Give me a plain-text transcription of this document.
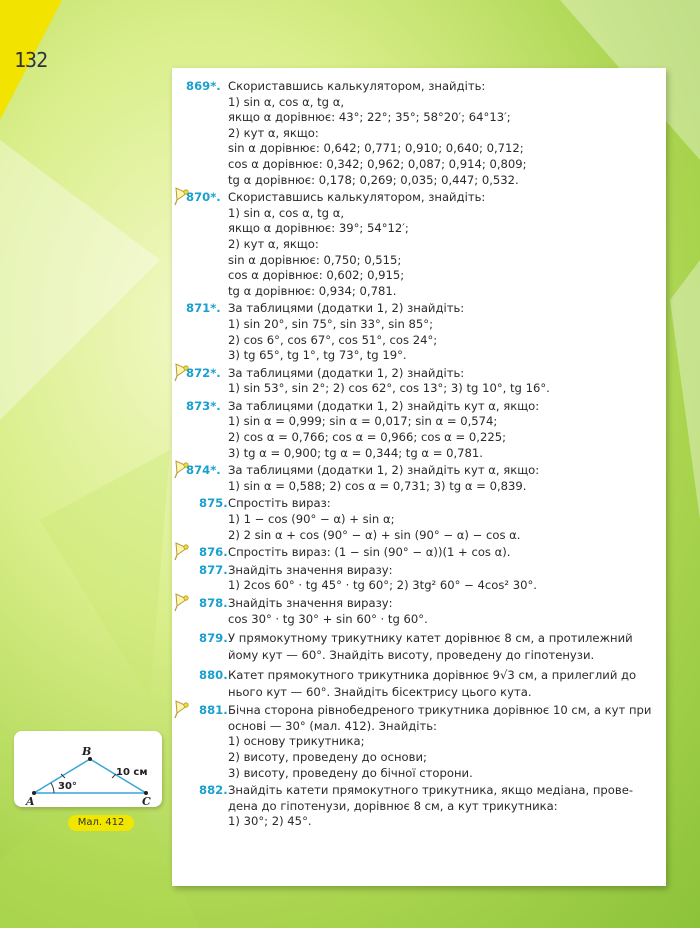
132
869*. Скориставшись калькулятором, знайдіть:
1) sin α, cos α, tg α,
якщо α дорівнює: 43°; 22°; 35°; 58°20′; 64°13′;
2) кут α, якщо:
sin α дорівнює: 0,642; 0,771; 0,910; 0,640; 0,712;
cos α дорівнює: 0,342; 0,962; 0,087; 0,914; 0,809;
tg α дорівнює: 0,178; 0,269; 0,035; 0,447; 0,532.
870*. Скориставшись калькулятором, знайдіть:
1) sin α, cos α, tg α,
якщо α дорівнює: 39°; 54°12′;
2) кут α, якщо:
sin α дорівнює: 0,750; 0,515;
cos α дорівнює: 0,602; 0,915;
tg α дорівнює: 0,934; 0,781.
871*. За таблицями (додатки 1, 2) знайдіть:
1) sin 20°, sin 75°, sin 33°, sin 85°;
2) cos 6°, cos 67°, cos 51°, cos 24°;
3) tg 65°, tg 1°, tg 73°, tg 19°.
872*. За таблицями (додатки 1, 2) знайдіть:
1) sin 53°, sin 2°; 2) cos 62°, cos 13°; 3) tg 10°, tg 16°.
873*. За таблицями (додатки 1, 2) знайдіть кут α, якщо:
1) sin α = 0,999; sin α = 0,017; sin α = 0,574;
2) cos α = 0,766; cos α = 0,966; cos α = 0,225;
3) tg α = 0,900; tg α = 0,344; tg α = 0,781.
874*. За таблицями (додатки 1, 2) знайдіть кут α, якщо:
1) sin α = 0,588; 2) cos α = 0,731; 3) tg α = 0,839.
875. Спростіть вираз:
1) 1 − cos (90° − α) + sin α;
2) 2 sin α + cos (90° − α) + sin (90° − α) − cos α.
876. Спростіть вираз: (1 − sin (90° − α))(1 + cos α).
877. Знайдіть значення виразу:
1) 2cos 60° · tg 45° · tg 60°; 2) 3tg² 60° − 4cos² 30°.
878. Знайдіть значення виразу:
cos 30° · tg 30° + sin 60° · tg 60°.
879. У прямокутному трикутнику катет дорівнює 8 см, а протилежний
йому кут — 60°. Знайдіть висоту, проведену до гіпотенузи.
880. Катет прямокутного трикутника дорівнює 9√3 см, а прилеглий до
нього кут — 60°. Знайдіть бісектрису цього кута.
881. Бічна сторона рівнобедреного трикутника дорівнює 10 см, а кут при
основі — 30° (мал. 412). Знайдіть:
1) основу трикутника;
2) висоту, проведену до основи;
3) висоту, проведену до бічної сторони.
882. Знайдіть катети прямокутного трикутника, якщо медіана, прове-
дена до гіпотенузи, дорівнює 8 см, а кут трикутника:
1) 30°; 2) 45°.
A
B
C
30°
10 см
Мал. 412
